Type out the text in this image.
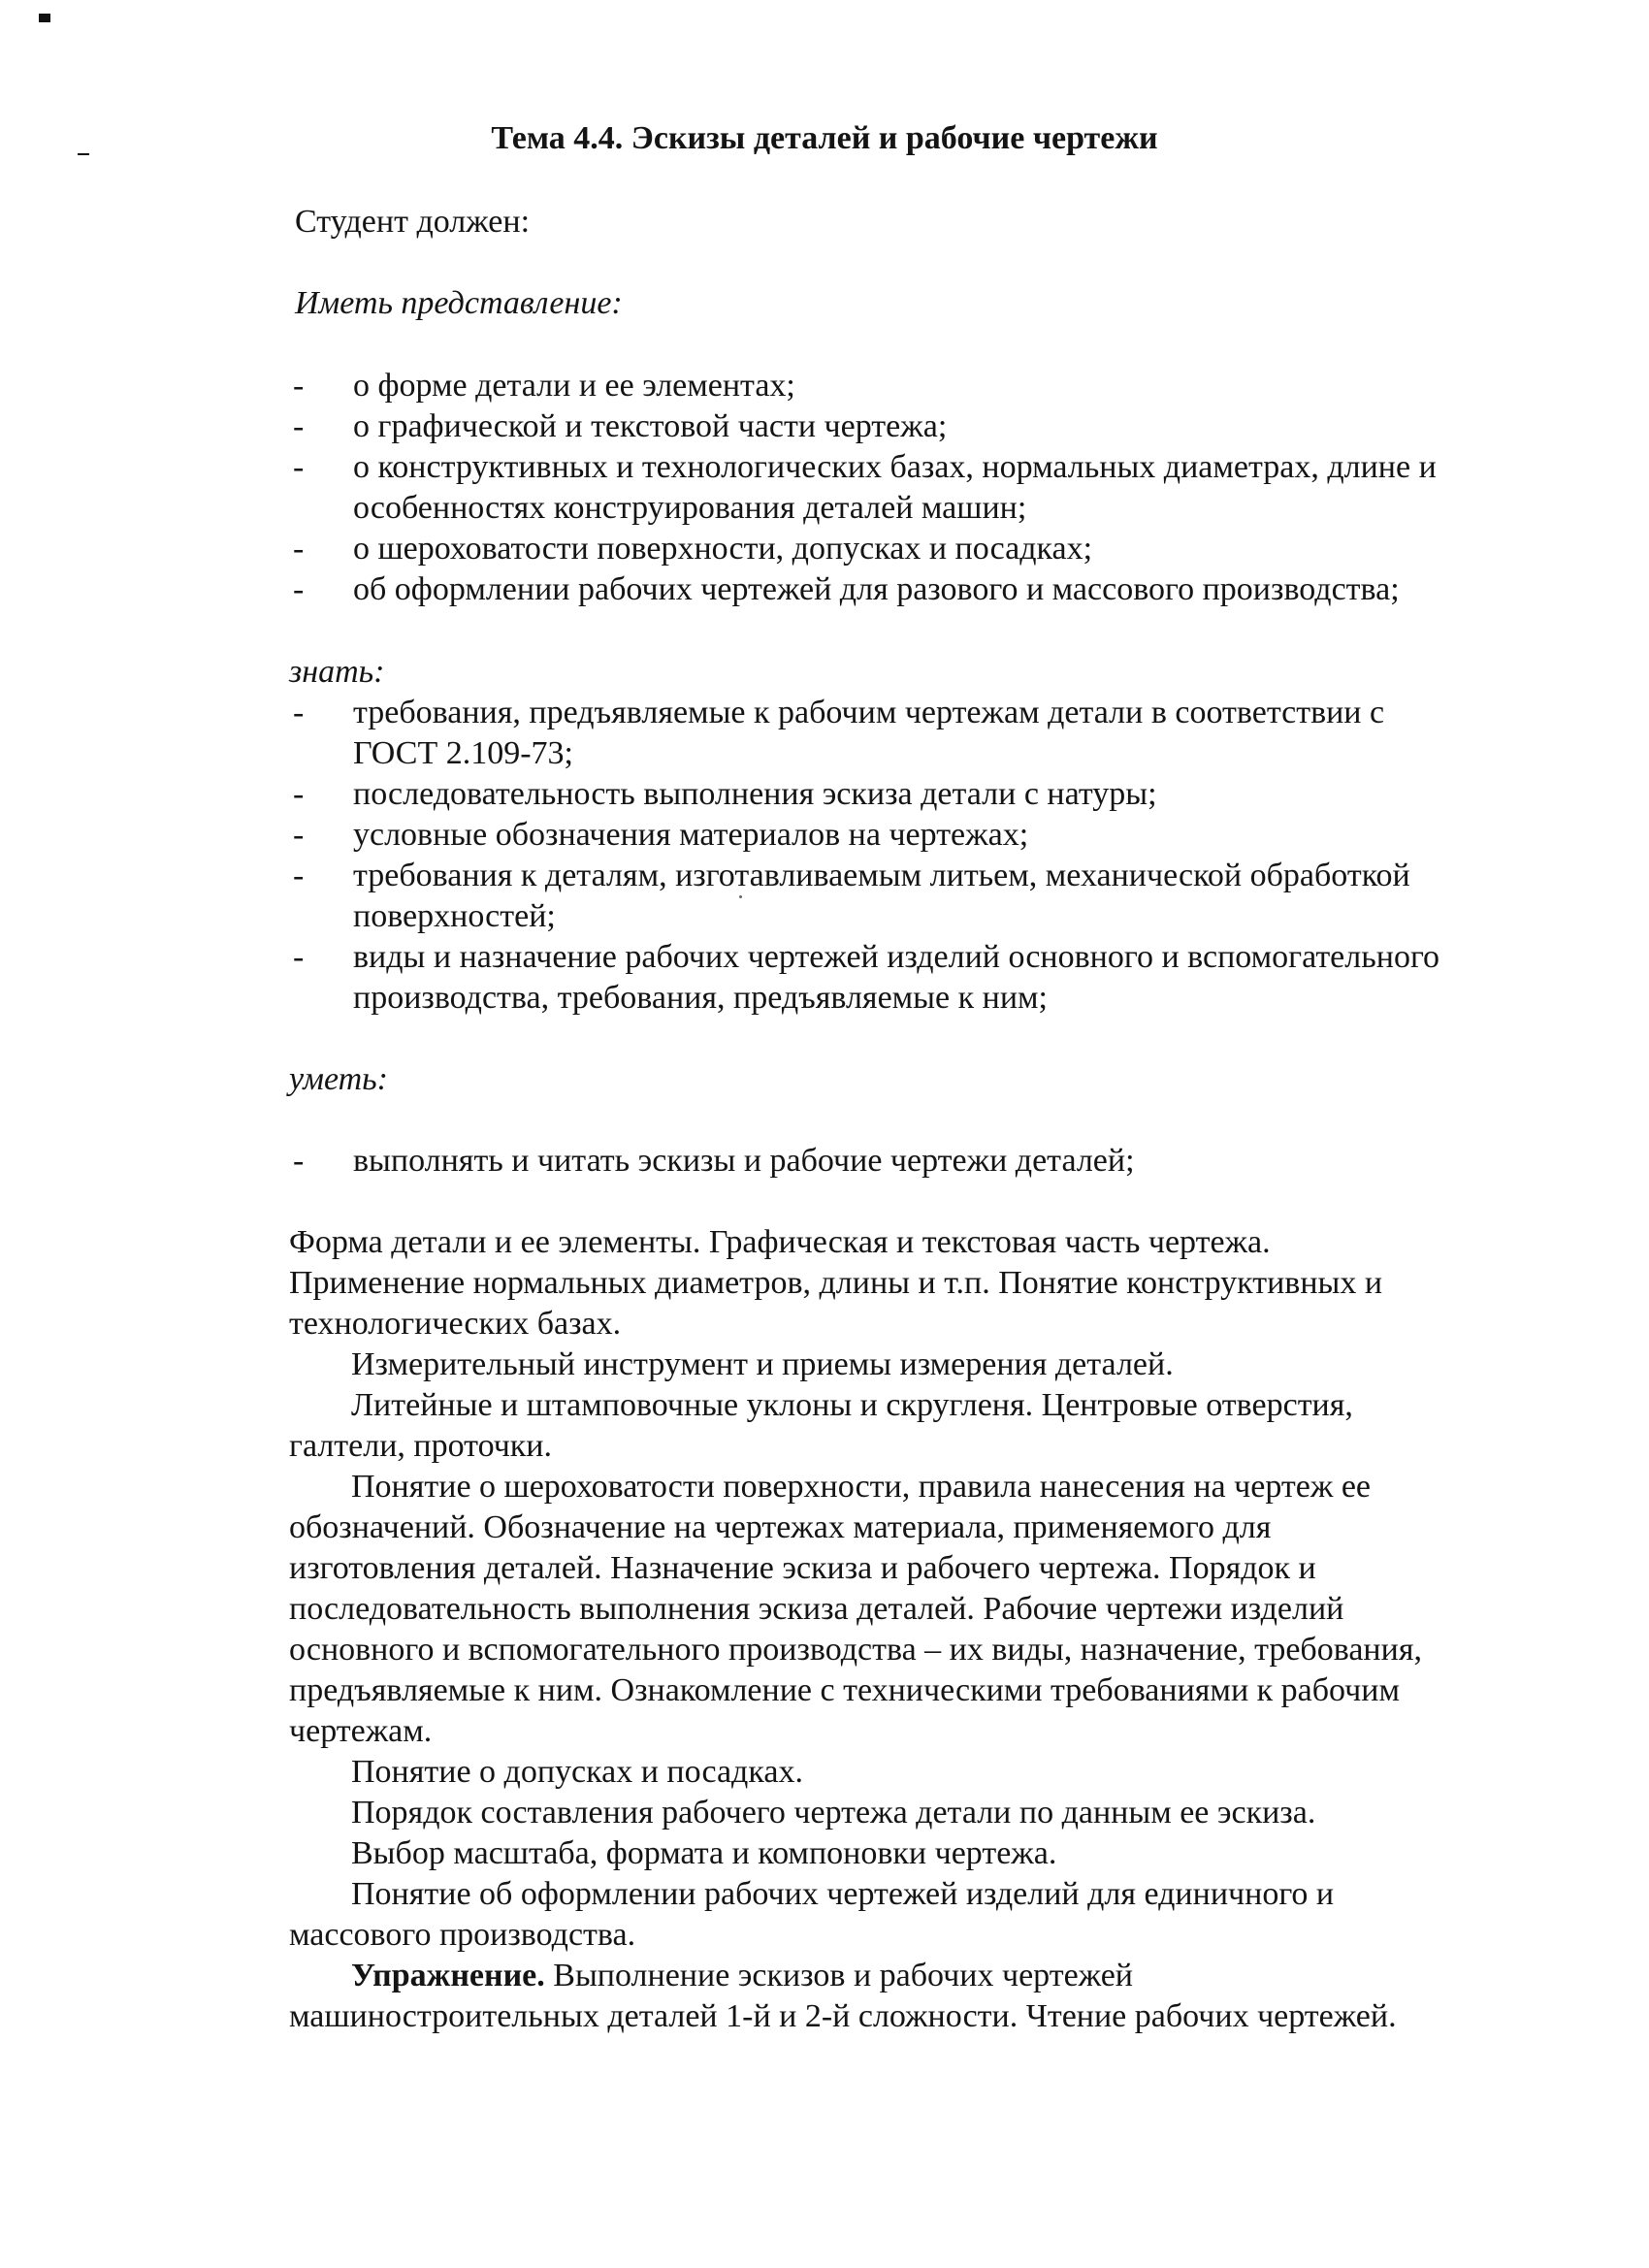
Тема 4.4. Эскизы деталей и рабочие чертежи
Студент должен:
Иметь представление:
- о форме детали и ее элементах;
- о графической и текстовой части чертежа;
- о конструктивных и технологических базах, нормальных диаметрах, длине и
особенностях конструирования деталей машин;
- о шероховатости поверхности, допусках и посадках;
- об оформлении рабочих чертежей для разового и массового производства;
знать:
- требования, предъявляемые к рабочим чертежам детали в соответствии с
ГОСТ 2.109-73;
- последовательность выполнения эскиза детали с натуры;
- условные обозначения материалов на чертежах;
- требования к деталям, изготавливаемым литьем, механической обработкой
поверхностей;
- виды и назначение рабочих чертежей изделий основного и вспомогательного
производства, требования, предъявляемые к ним;
уметь:
- выполнять и читать эскизы и рабочие чертежи деталей;
Форма детали и ее элементы. Графическая и текстовая часть чертежа.
Применение нормальных диаметров, длины и т.п. Понятие конструктивных и
технологических базах.
Измерительный инструмент и приемы измерения деталей.
Литейные и штамповочные уклоны и скругленя. Центровые отверстия,
галтели, проточки.
Понятие о шероховатости поверхности, правила нанесения на чертеж ее
обозначений. Обозначение на чертежах материала, применяемого для
изготовления деталей. Назначение эскиза и рабочего чертежа. Порядок и
последовательность выполнения эскиза деталей. Рабочие чертежи изделий
основного и вспомогательного производства – их виды, назначение, требования,
предъявляемые к ним. Ознакомление с техническими требованиями к рабочим
чертежам.
Понятие о допусках и посадках.
Порядок составления рабочего чертежа детали по данным ее эскиза.
Выбор масштаба, формата и компоновки чертежа.
Понятие об оформлении рабочих чертежей изделий для единичного и
массового производства.
Упражнение. Выполнение эскизов и рабочих чертежей
машиностроительных деталей 1-й и 2-й сложности. Чтение рабочих чертежей.
